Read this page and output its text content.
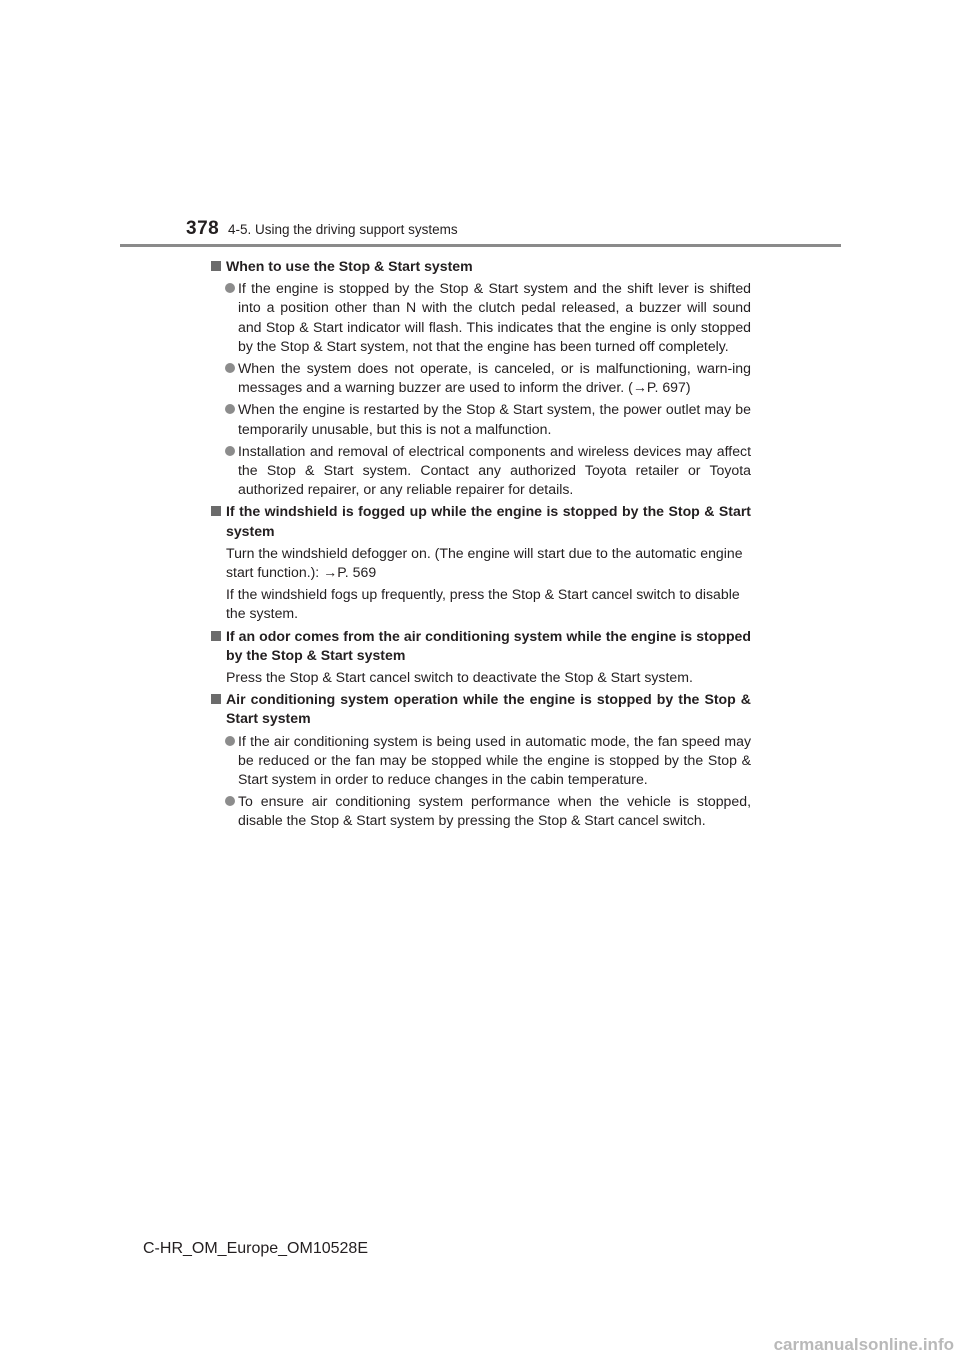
378 4-5. Using the driving support systems
When to use the Stop & Start system
If the engine is stopped by the Stop & Start system and the shift lever is shifted into a position other than N with the clutch pedal released, a buzzer will sound and Stop & Start indicator will flash. This indicates that the engine is only stopped by the Stop & Start system, not that the engine has been turned off completely.
When the system does not operate, is canceled, or is malfunctioning, warn-ing messages and a warning buzzer are used to inform the driver. (→P. 697)
When the engine is restarted by the Stop & Start system, the power outlet may be temporarily unusable, but this is not a malfunction.
Installation and removal of electrical components and wireless devices may affect the Stop & Start system. Contact any authorized Toyota retailer or Toyota authorized repairer, or any reliable repairer for details.
If the windshield is fogged up while the engine is stopped by the Stop & Start system
Turn the windshield defogger on. (The engine will start due to the automatic engine start function.): →P. 569
If the windshield fogs up frequently, press the Stop & Start cancel switch to disable the system.
If an odor comes from the air conditioning system while the engine is stopped by the Stop & Start system
Press the Stop & Start cancel switch to deactivate the Stop & Start system.
Air conditioning system operation while the engine is stopped by the Stop & Start system
If the air conditioning system is being used in automatic mode, the fan speed may be reduced or the fan may be stopped while the engine is stopped by the Stop & Start system in order to reduce changes in the cabin temperature.
To ensure air conditioning system performance when the vehicle is stopped, disable the Stop & Start system by pressing the Stop & Start cancel switch.
C-HR_OM_Europe_OM10528E
carmanualsonline.info
